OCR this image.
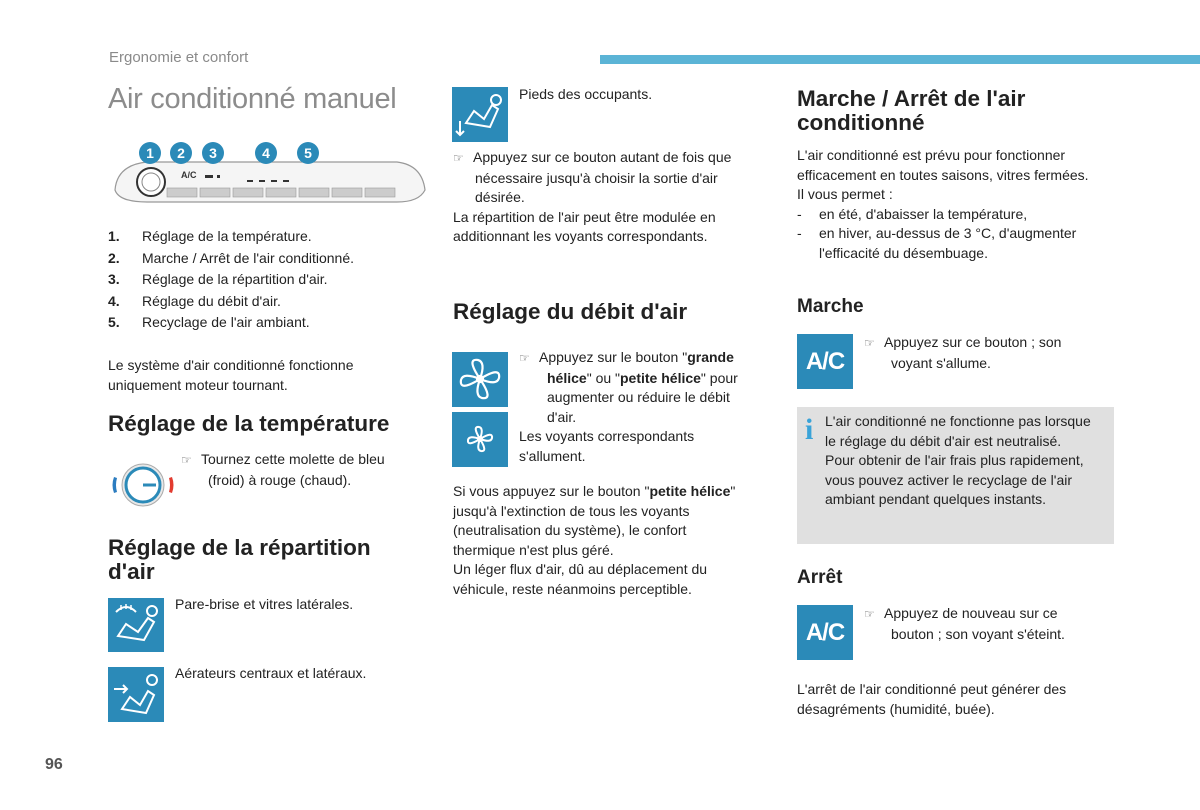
Ergonomie et confort
Air conditionné manuel
A/C
1	2	3	4	5
1. Réglage de la température.
2. Marche / Arrêt de l'air conditionné.
3. Réglage de la répartition d'air.
4. Réglage du débit d'air.
5. Recyclage de l'air ambiant.
Le système d'air conditionné fonctionne
uniquement moteur tournant.
Réglage de la température
☞ Tournez cette molette de bleu
(froid) à rouge (chaud).
Réglage de la répartition
d'air
Pare-brise et vitres latérales.
Aérateurs centraux et latéraux.
Pieds des occupants.
☞ Appuyez sur ce bouton autant de fois que
nécessaire jusqu'à choisir la sortie d'air
désirée.
La répartition de l'air peut être modulée en
additionnant les voyants correspondants.
Réglage du débit d'air
☞ Appuyez sur le bouton "grande
hélice" ou "petite hélice" pour
augmenter ou réduire le débit
d'air.
Les voyants correspondants
s'allument.
Si vous appuyez sur le bouton "petite hélice"
jusqu'à l'extinction de tous les voyants
(neutralisation du système), le confort
thermique n'est plus géré.
Un léger flux d'air, dû au déplacement du
véhicule, reste néanmoins perceptible.
Marche / Arrêt de l'air
conditionné
L'air conditionné est prévu pour fonctionner
efficacement en toutes saisons, vitres fermées.
Il vous permet :
- en été, d'abaisser la température,
- en hiver, au-dessus de 3 °C, d'augmenter
l'efficacité du désembuage.
Marche
A/C
☞ Appuyez sur ce bouton ; son
voyant s'allume.
i L'air conditionné ne fonctionne pas lorsque
le réglage du débit d'air est neutralisé.
Pour obtenir de l'air frais plus rapidement,
vous pouvez activer le recyclage de l'air
ambiant pendant quelques instants.
Arrêt
A/C
☞ Appuyez de nouveau sur ce
bouton ; son voyant s'éteint.
L'arrêt de l'air conditionné peut générer des
désagréments (humidité, buée).
96
